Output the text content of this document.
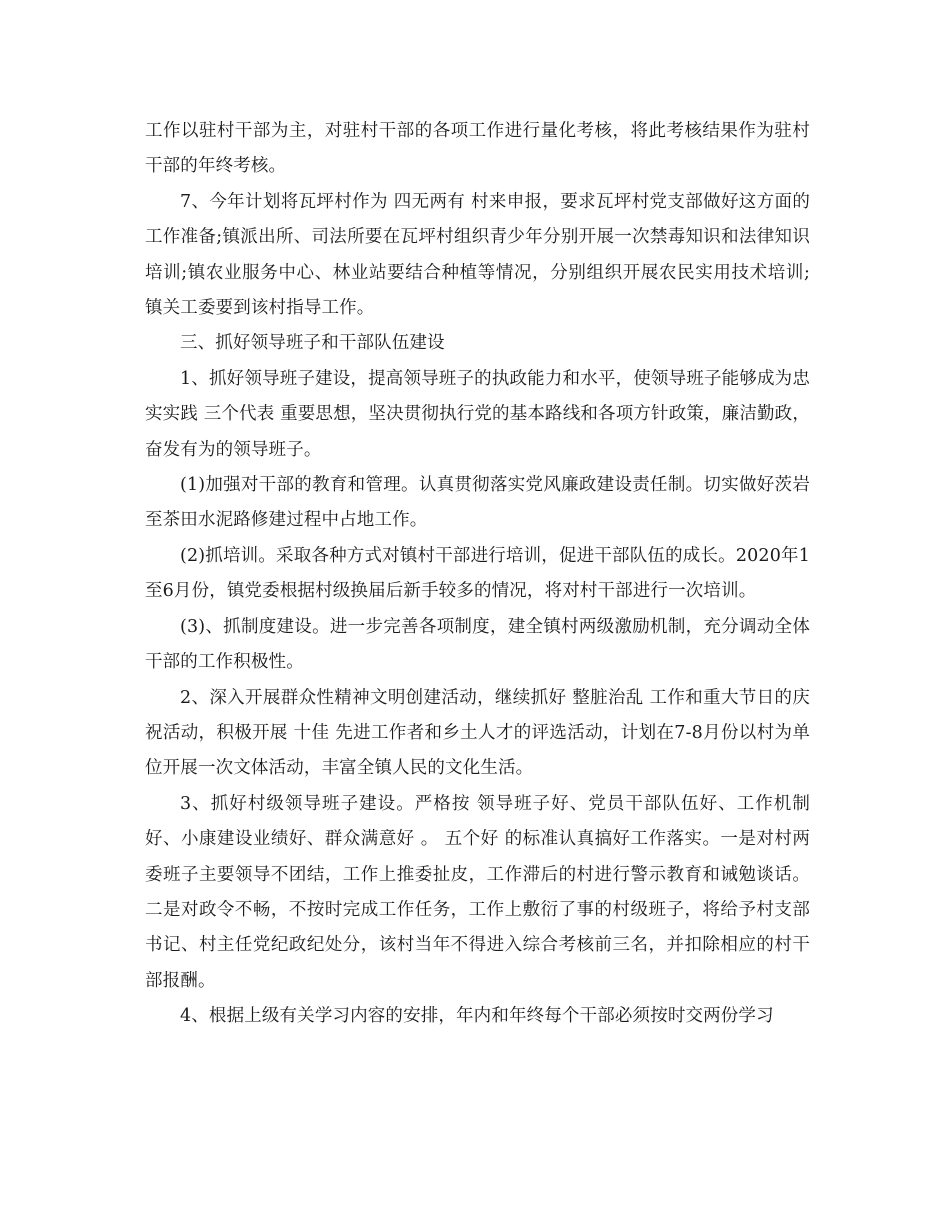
工作以驻村干部为主，对驻村干部的各项工作进行量化考核，将此考核结果作为驻村干部的年终考核。

7、今年计划将瓦坪村作为 四无两有 村来申报，要求瓦坪村党支部做好这方面的工作准备;镇派出所、司法所要在瓦坪村组织青少年分别开展一次禁毒知识和法律知识培训;镇农业服务中心、林业站要结合种植等情况，分别组织开展农民实用技术培训;镇关工委要到该村指导工作。

三、抓好领导班子和干部队伍建设

1、抓好领导班子建设，提高领导班子的执政能力和水平，使领导班子能够成为忠实实践 三个代表 重要思想，坚决贯彻执行党的基本路线和各项方针政策，廉洁勤政，奋发有为的领导班子。

(1)加强对干部的教育和管理。认真贯彻落实党风廉政建设责任制。切实做好茨岩至茶田水泥路修建过程中占地工作。

(2)抓培训。采取各种方式对镇村干部进行培训，促进干部队伍的成长。2020年1至6月份，镇党委根据村级换届后新手较多的情况，将对村干部进行一次培训。

(3)、抓制度建设。进一步完善各项制度，建全镇村两级激励机制，充分调动全体干部的工作积极性。

2、深入开展群众性精神文明创建活动，继续抓好 整脏治乱 工作和重大节日的庆祝活动，积极开展 十佳 先进工作者和乡土人才的评选活动，计划在7-8月份以村为单位开展一次文体活动，丰富全镇人民的文化生活。

3、抓好村级领导班子建设。严格按 领导班子好、党员干部队伍好、工作机制好、小康建设业绩好、群众满意好 。 五个好 的标准认真搞好工作落实。一是对村两委班子主要领导不团结，工作上推委扯皮，工作滞后的村进行警示教育和诫勉谈话。二是对政令不畅，不按时完成工作任务，工作上敷衍了事的村级班子，将给予村支部书记、村主任党纪政纪处分，该村当年不得进入综合考核前三名，并扣除相应的村干部报酬。

4、根据上级有关学习内容的安排，年内和年终每个干部必须按时交两份学习
